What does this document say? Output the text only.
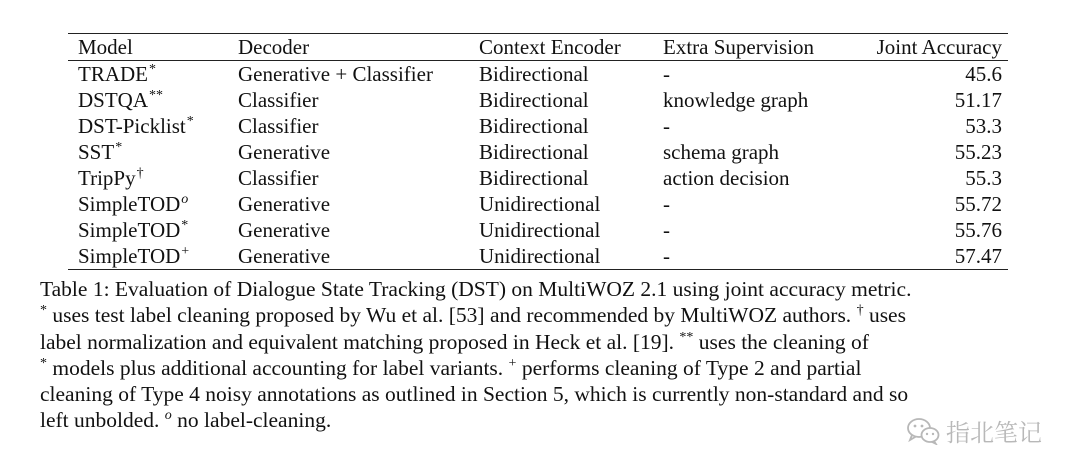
Model	Decoder	Context Encoder	Extra Supervision	Joint Accuracy
TRADE*	Generative + Classifier	Bidirectional	-	45.6
DSTQA**	Classifier	Bidirectional	knowledge graph	51.17
DST-Picklist*	Classifier	Bidirectional	-	53.3
SST*	Generative	Bidirectional	schema graph	55.23
TripPy†	Classifier	Bidirectional	action decision	55.3
SimpleTOD$^o$	Generative	Unidirectional	-	55.72
SimpleTOD*	Generative	Unidirectional	-	55.76
SimpleTOD+	Generative	Unidirectional	-	57.47

Table 1: Evaluation of Dialogue State Tracking (DST) on MultiWOZ 2.1 using joint accuracy metric.

* uses test label cleaning proposed by Wu et al. [53] and recommended by MultiWOZ authors. † uses

label normalization and equivalent matching proposed in Heck et al. [19]. ** uses the cleaning of

* models plus additional accounting for label variants. + performs cleaning of Type 2 and partial

cleaning of Type 4 noisy annotations as outlined in Section 5, which is currently non-standard and so

left unbolded. $^o$ no label-cleaning.	指北笔记
